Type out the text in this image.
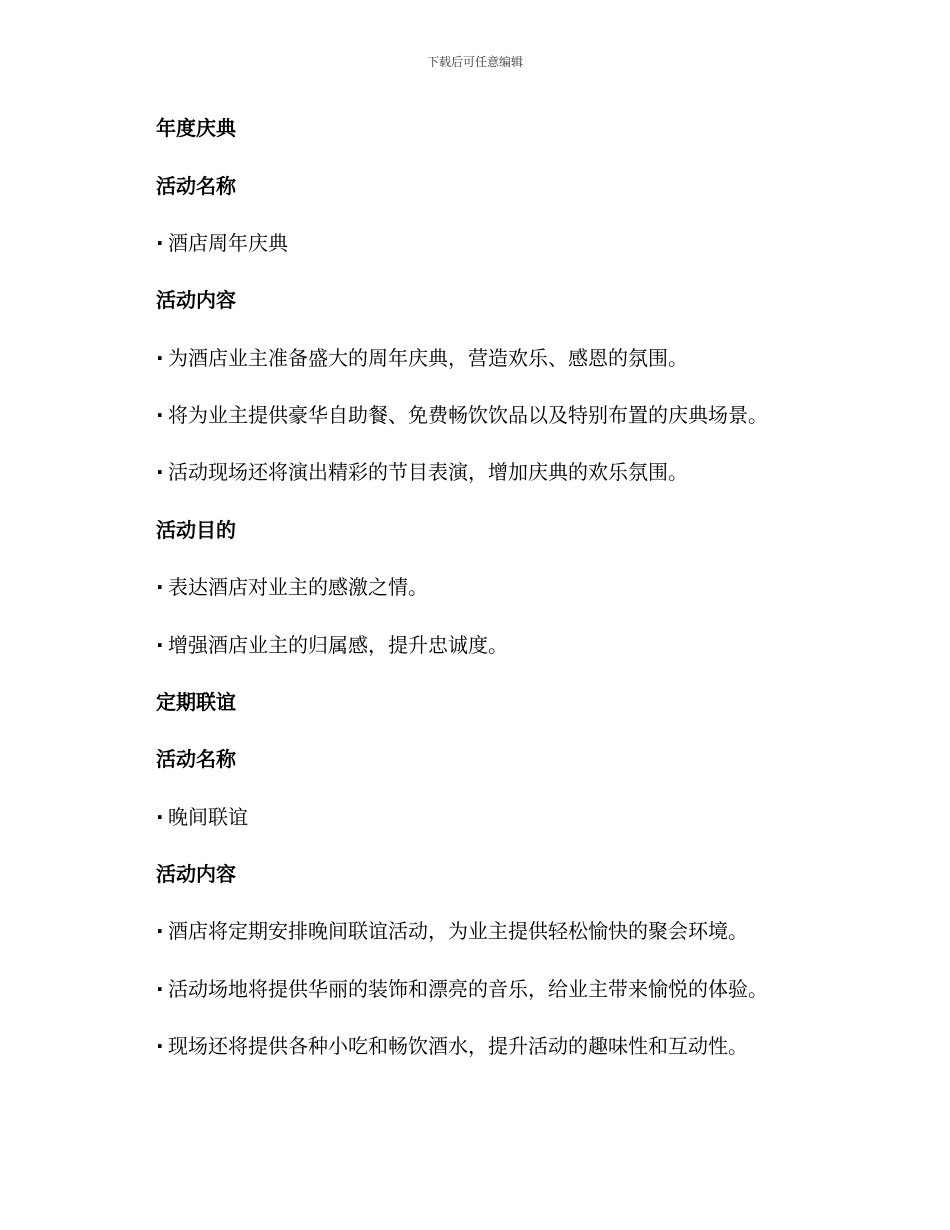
下载后可任意编辑
年度庆典
活动名称
· 酒店周年庆典
活动内容
· 为酒店业主准备盛大的周年庆典，营造欢乐、感恩的氛围。
· 将为业主提供豪华自助餐、免费畅饮饮品以及特别布置的庆典场景。
· 活动现场还将演出精彩的节目表演，增加庆典的欢乐氛围。
活动目的
· 表达酒店对业主的感激之情。
· 增强酒店业主的归属感，提升忠诚度。
定期联谊
活动名称
· 晚间联谊
活动内容
· 酒店将定期安排晚间联谊活动，为业主提供轻松愉快的聚会环境。
· 活动场地将提供华丽的装饰和漂亮的音乐，给业主带来愉悦的体验。
· 现场还将提供各种小吃和畅饮酒水，提升活动的趣味性和互动性。
